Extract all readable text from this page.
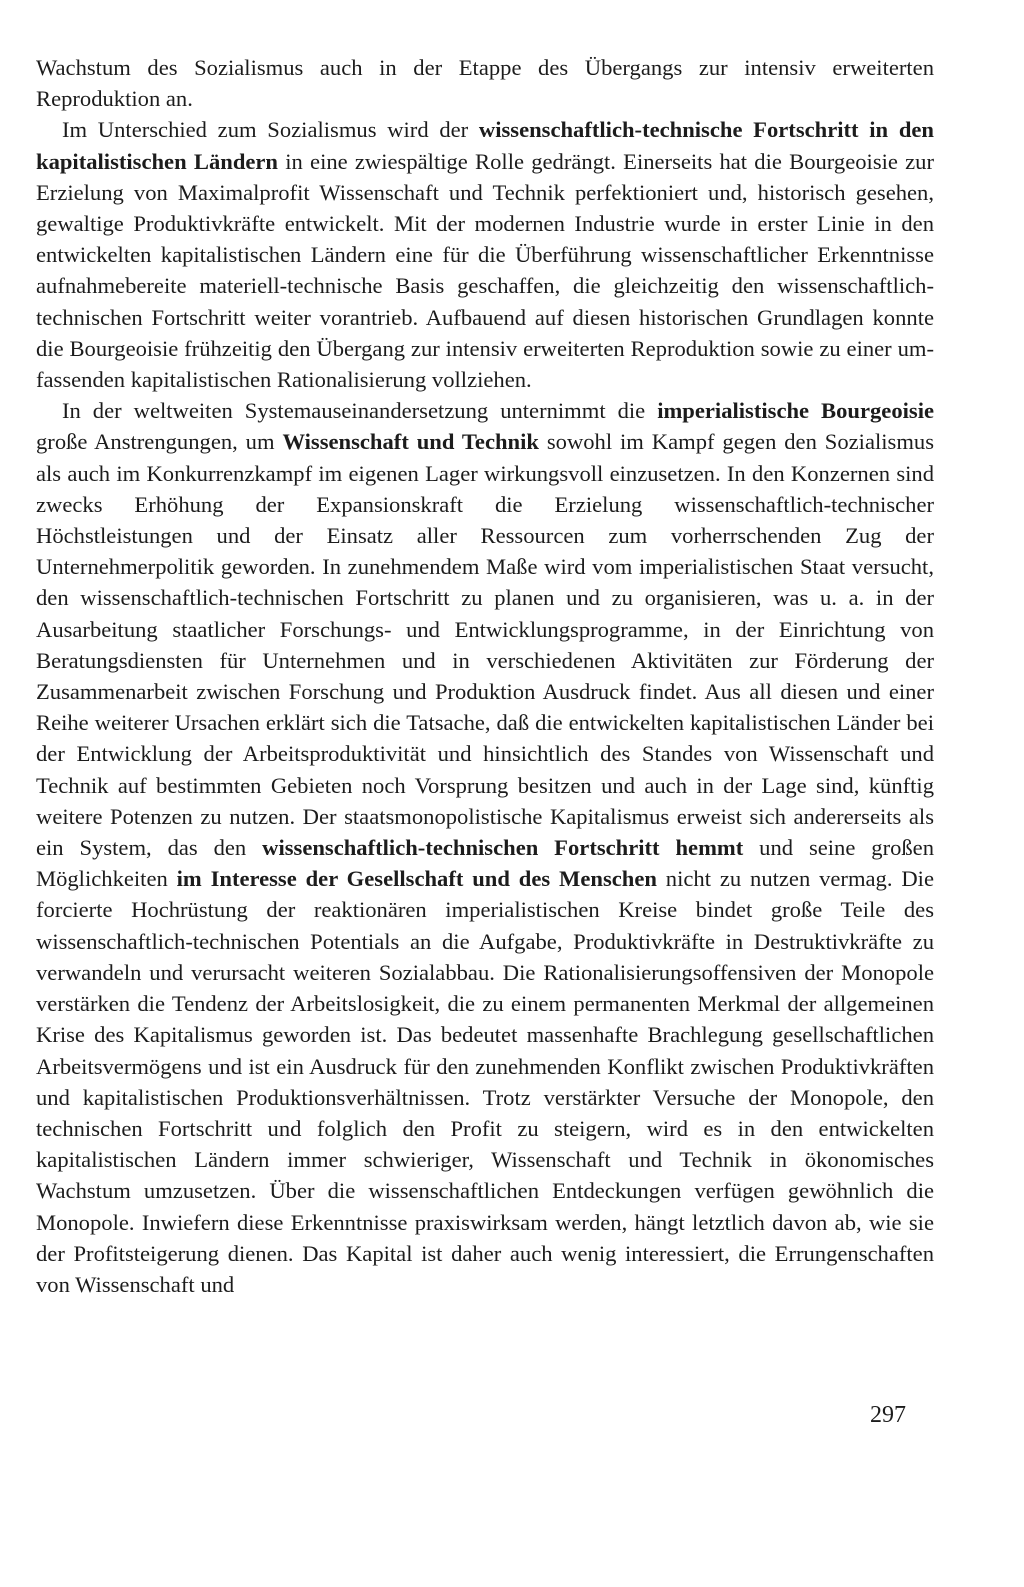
Wachstum des Sozialismus auch in der Etappe des Übergangs zur intensiv erweiterten Reproduktion an.

Im Unterschied zum Sozialismus wird der wissenschaftlich-technische Fortschritt in den kapitalistischen Ländern in eine zwiespältige Rolle gedrängt. Einerseits hat die Bourgeoisie zur Erzielung von Maximalprofit Wissenschaft und Technik perfektioniert und, historisch gesehen, gewaltige Produktivkräfte entwickelt. Mit der modernen Industrie wurde in erster Linie in den entwickelten kapitalistischen Ländern eine für die Überführung wissenschaftlicher Erkenntnisse aufnahmebereite materiell-technische Basis geschaffen, die gleichzeitig den wissenschaftlich-technischen Fortschritt weiter vorantrieb. Aufbauend auf diesen historischen Grundlagen konnte die Bourgeoisie frühzeitig den Übergang zur intensiv erweiterten Reproduktion sowie zu einer umfassenden kapitalistischen Rationalisierung vollziehen.

In der weltweiten Systemauseinandersetzung unternimmt die imperialistische Bourgeoisie große Anstrengungen, um Wissenschaft und Technik sowohl im Kampf gegen den Sozialismus als auch im Konkurrenzkampf im eigenen Lager wirkungsvoll einzusetzen. In den Konzernen sind zwecks Erhöhung der Expansionskraft die Erzielung wissenschaftlich-technischer Höchstleistungen und der Einsatz aller Ressourcen zum vorherrschenden Zug der Unternehmerpolitik geworden. In zunehmendem Maße wird vom imperialistischen Staat versucht, den wissenschaftlich-technischen Fortschritt zu planen und zu organisieren, was u. a. in der Ausarbeitung staatlicher Forschungs- und Entwicklungsprogramme, in der Einrichtung von Beratungsdiensten für Unternehmen und in verschiedenen Aktivitäten zur Förderung der Zusammenarbeit zwischen Forschung und Produktion Ausdruck findet. Aus all diesen und einer Reihe weiterer Ursachen erklärt sich die Tatsache, daß die entwickelten kapitalistischen Länder bei der Entwicklung der Arbeitsproduktivität und hinsichtlich des Standes von Wissenschaft und Technik auf bestimmten Gebieten noch Vorsprung besitzen und auch in der Lage sind, künftig weitere Potenzen zu nutzen. Der staatsmonopolistische Kapitalismus erweist sich andererseits als ein System, das den wissenschaftlich-technischen Fortschritt hemmt und seine großen Möglichkeiten im Interesse der Gesellschaft und des Menschen nicht zu nutzen vermag. Die forcierte Hochrüstung der reaktionären imperialistischen Kreise bindet große Teile des wissenschaftlich-technischen Potentials an die Aufgabe, Produktivkräfte in Destruktivkräfte zu verwandeln und verursacht weiteren Sozialabbau. Die Rationalisierungsoffensiven der Monopole verstärken die Tendenz der Arbeitslosigkeit, die zu einem permanenten Merkmal der allgemeinen Krise des Kapitalismus geworden ist. Das bedeutet massenhafte Brachlegung gesellschaftlichen Arbeitsvermögens und ist ein Ausdruck für den zunehmenden Konflikt zwischen Produktivkräften und kapitalistischen Produktionsverhältnissen. Trotz verstärkter Versuche der Monopole, den technischen Fortschritt und folglich den Profit zu steigern, wird es in den entwickelten kapitalistischen Ländern immer schwieriger, Wissenschaft und Technik in ökonomisches Wachstum umzusetzen. Über die wissenschaftlichen Entdeckungen verfügen gewöhnlich die Monopole. Inwiefern diese Erkenntnisse praxiswirksam werden, hängt letztlich davon ab, wie sie der Profitsteigerung dienen. Das Kapital ist daher auch wenig interessiert, die Errungenschaften von Wissenschaft und

297
